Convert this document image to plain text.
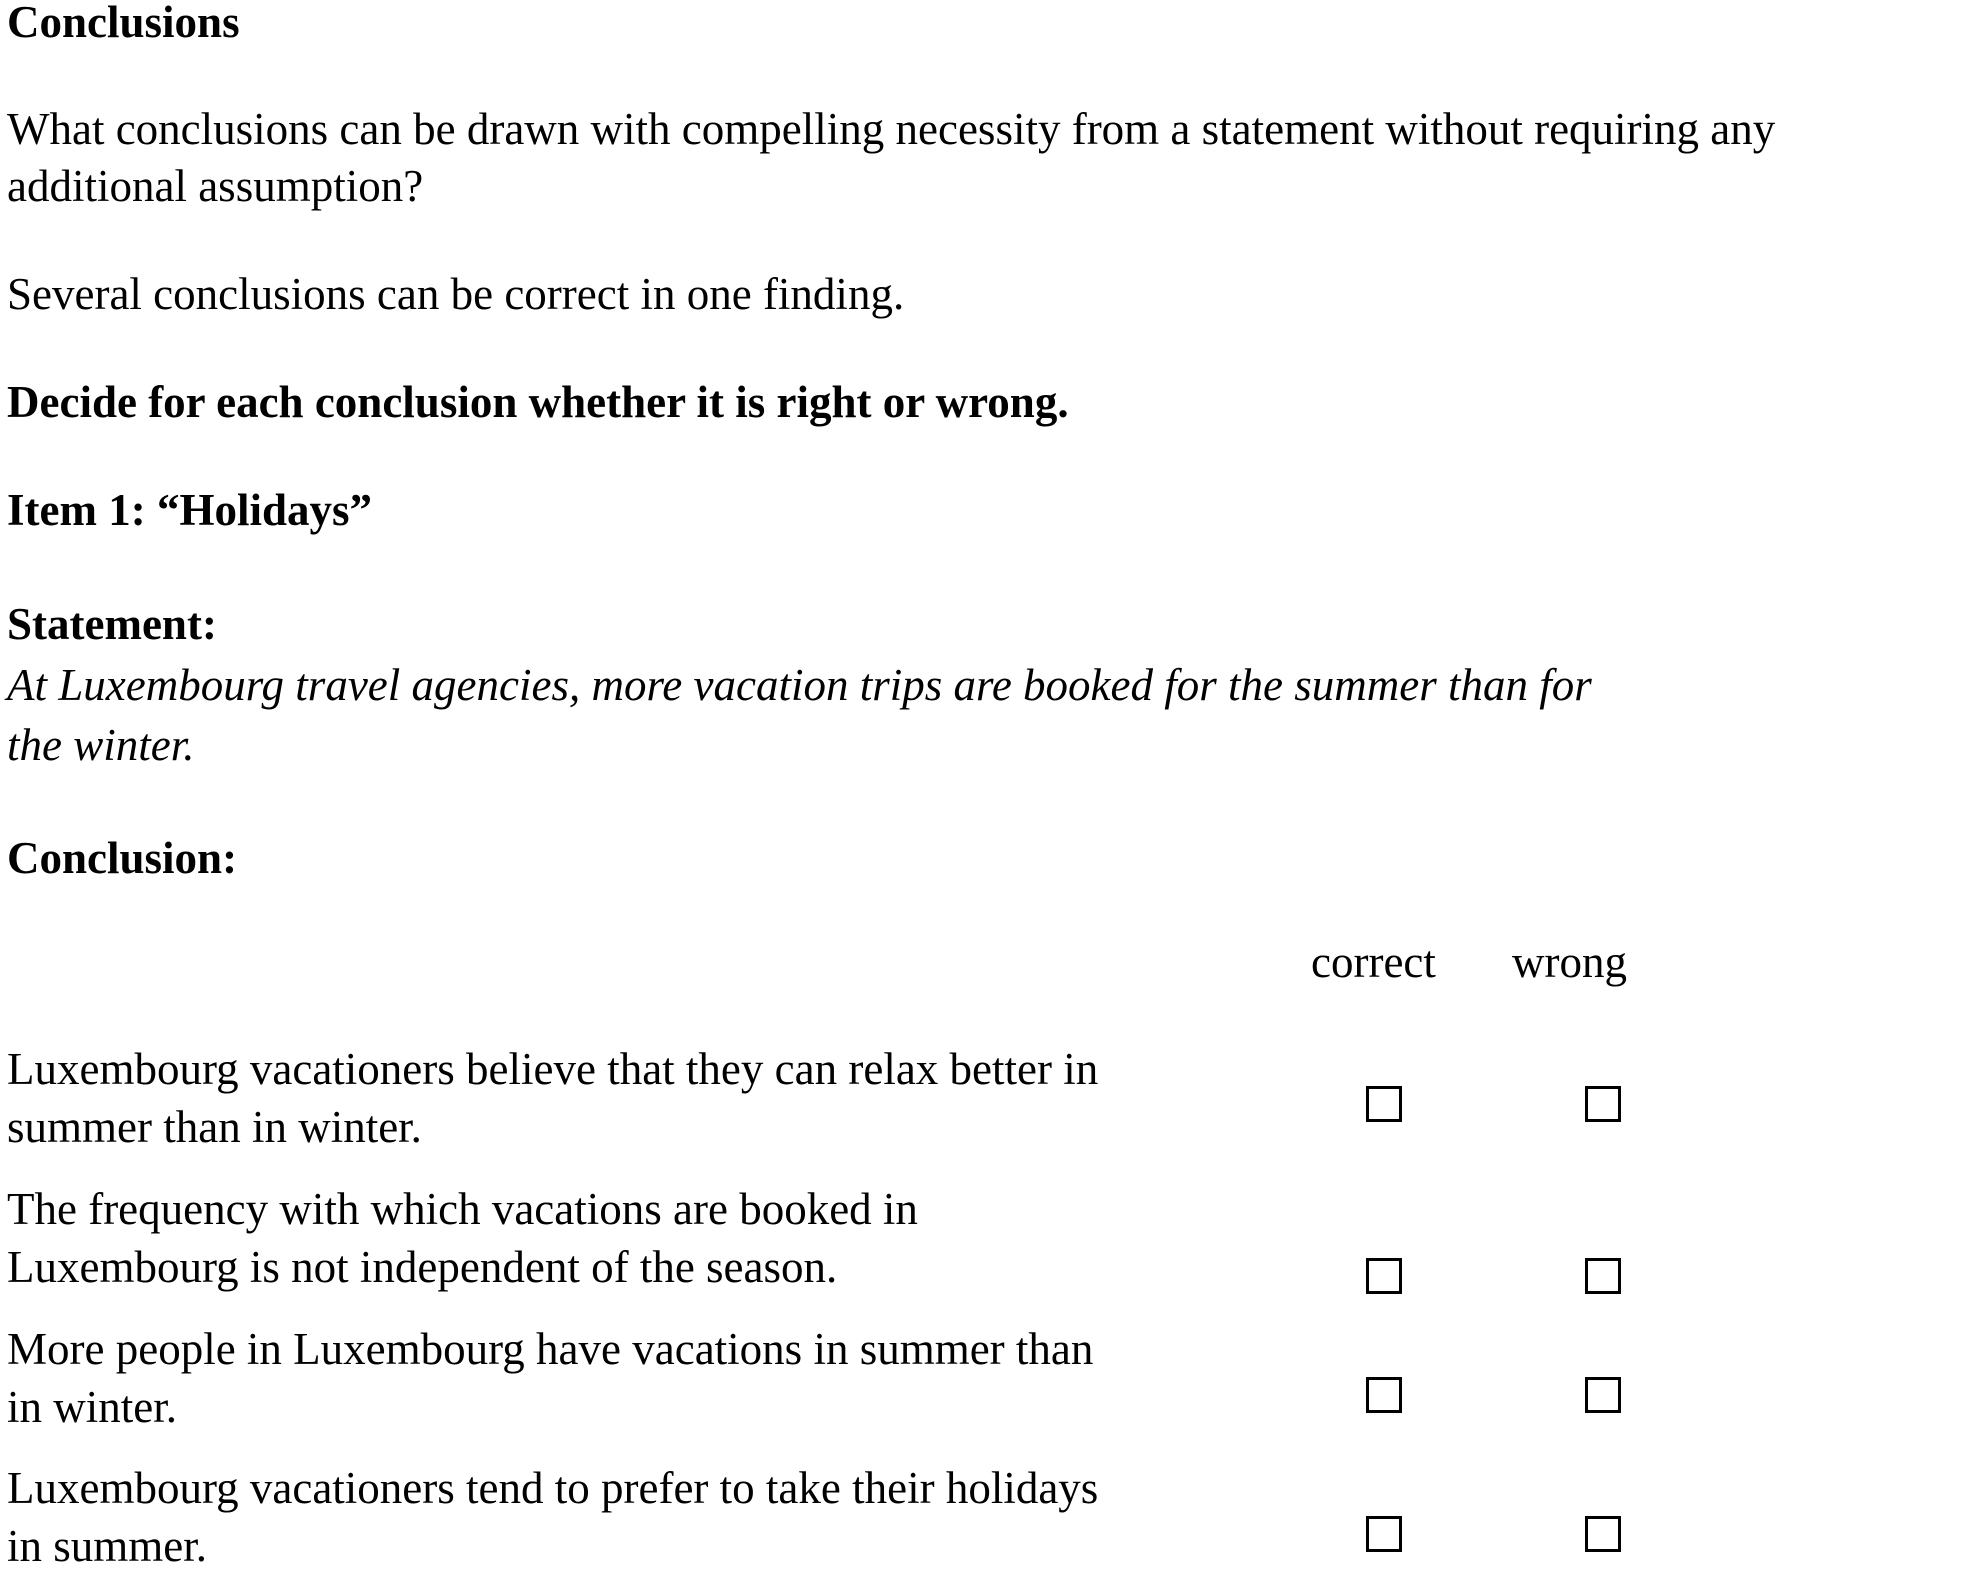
Conclusions
What conclusions can be drawn with compelling necessity from a statement without requiring any
additional assumption?
Several conclusions can be correct in one finding.
Decide for each conclusion whether it is right or wrong.
Item 1: “Holidays”
Statement:
At Luxembourg travel agencies, more vacation trips are booked for the summer than for
the winter.
Conclusion:
correct wrong
Luxembourg vacationers believe that they can relax better in
summer than in winter.
The frequency with which vacations are booked in
Luxembourg is not independent of the season.
More people in Luxembourg have vacations in summer than
in winter.
Luxembourg vacationers tend to prefer to take their holidays
in summer.
